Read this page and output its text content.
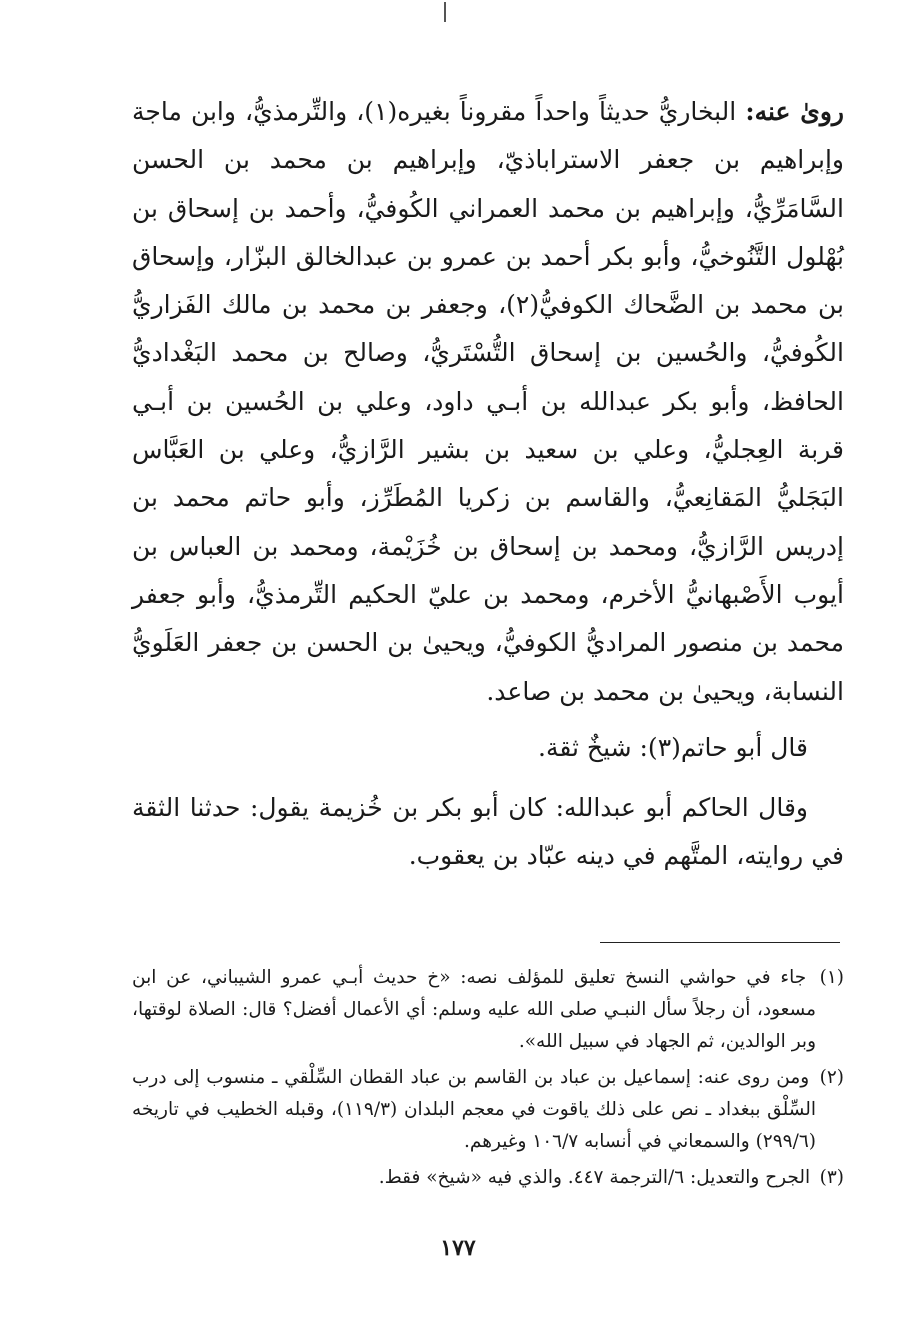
روىٰ عنه: البخاريُّ حديثاً واحداً مقروناً بغيره(١)، والتِّرمذيُّ، وابن ماجة وإبراهيم بن جعفر الاستراباذيّ، وإبراهيم بن محمد بن الحسن السَّامَرِّيُّ، وإبراهيم بن محمد العمراني الكُوفيُّ، وأحمد بن إسحاق بن بُهْلول التَّنُوخيُّ، وأبو بكر أحمد بن عمرو بن عبدالخالق البزّار، وإسحاق بن محمد بن الضَّحاك الكوفيُّ(٢)، وجعفر بن محمد بن مالك الفَزاريُّ الكُوفيُّ، والحُسين بن إسحاق التُّسْتَريُّ، وصالح بن محمد البَغْداديُّ الحافظ، وأبو بكر عبدالله بن أبـي داود، وعلي بن الحُسين بن أبـي قربة العِجليُّ، وعلي بن سعيد بن بشير الرَّازيُّ، وعلي بن العَبَّاس البَجَليُّ المَقانِعيُّ، والقاسم بن زكريا المُطَرِّز، وأبو حاتم محمد بن إدريس الرَّازيُّ، ومحمد بن إسحاق بن خُزَيْمة، ومحمد بن العباس بن أيوب الأَصْبهانيُّ الأخرم، ومحمد بن عليّ الحكيم التِّرمذيُّ، وأبو جعفر محمد بن منصور المراديُّ الكوفيُّ، ويحيىٰ بن الحسن بن جعفر العَلَويُّ النسابة، ويحيىٰ بن محمد بن صاعد.

قال أبو حاتم(٣): شيخٌ ثقة.

وقال الحاكم أبو عبدالله: كان أبو بكر بن خُزيمة يقول: حدثنا الثقة في روايته، المتَّهم في دينه عبّاد بن يعقوب.

(١) جاء في حواشي النسخ تعليق للمؤلف نصه: «خ حديث أبـي عمرو الشيباني، عن ابن مسعود، أن رجلاً سأل النبـي صلى الله عليه وسلم: أي الأعمال أفضل؟ قال: الصلاة لوقتها، وبر الوالدين، ثم الجهاد في سبيل الله».

(٢) ومن روى عنه: إسماعيل بن عباد بن القاسم بن عباد القطان السِّلْقي ـ منسوب إلى درب السِّلْق ببغداد ـ نص على ذلك ياقوت في معجم البلدان (١١٩/٣)، وقبله الخطيب في تاريخه (٢٩٩/٦) والسمعاني في أنسابه ١٠٦/٧ وغيرهم.

(٣) الجرح والتعديل: ٦/الترجمة ٤٤٧. والذي فيه «شيخ» فقط.

١٧٧
